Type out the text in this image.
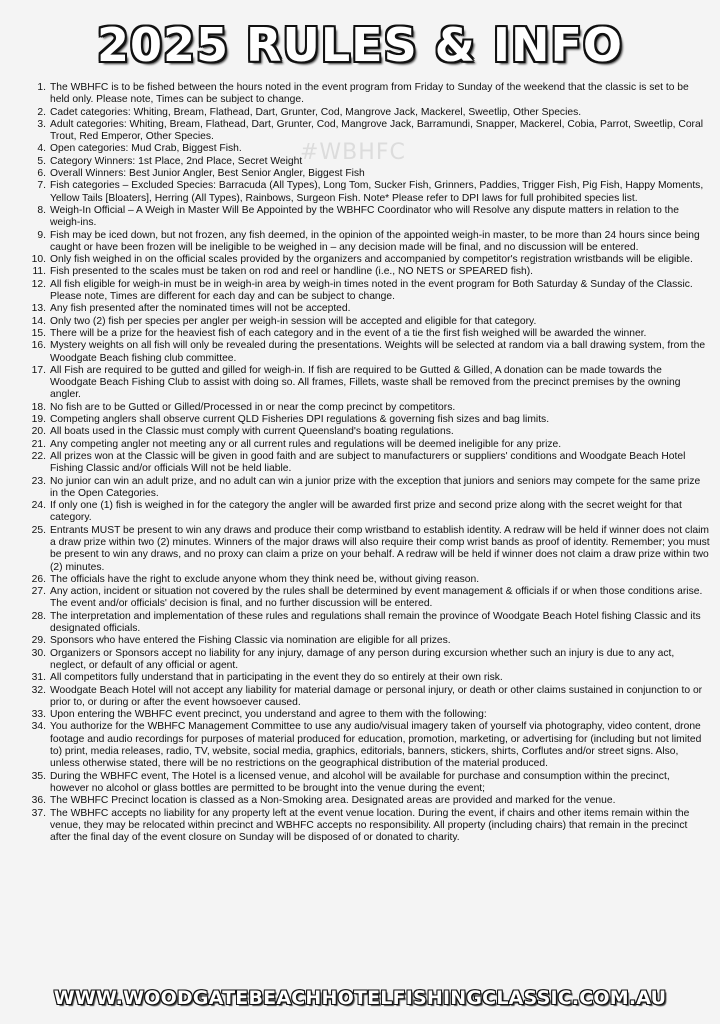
#WBHFC
2025 RULES & INFO
1. The WBHFC is to be fished between the hours noted in the event program from Friday to Sunday of the weekend that the classic is set to be held only. Please note, Times can be subject to change.
2. Cadet categories: Whiting, Bream, Flathead, Dart, Grunter, Cod, Mangrove Jack, Mackerel, Sweetlip, Other Species.
3. Adult categories: Whiting, Bream, Flathead, Dart, Grunter, Cod, Mangrove Jack, Barramundi, Snapper, Mackerel, Cobia, Parrot, Sweetlip, Coral Trout, Red Emperor, Other Species.
4. Open categories: Mud Crab, Biggest Fish.
5. Category Winners: 1st Place, 2nd Place, Secret Weight
6. Overall Winners: Best Junior Angler, Best Senior Angler, Biggest Fish
7. Fish categories – Excluded Species: Barracuda (All Types), Long Tom, Sucker Fish, Grinners, Paddies, Trigger Fish, Pig Fish, Happy Moments, Yellow Tails [Bloaters], Herring (All Types), Rainbows, Surgeon Fish. Note* Please refer to DPI laws for full prohibited species list.
8. Weigh-In Official – A Weigh in Master Will Be Appointed by the WBHFC Coordinator who will Resolve any dispute matters in relation to the weigh-ins.
9. Fish may be iced down, but not frozen, any fish deemed, in the opinion of the appointed weigh-in master, to be more than 24 hours since being caught or have been frozen will be ineligible to be weighed in – any decision made will be final, and no discussion will be entered.
10. Only fish weighed in on the official scales provided by the organizers and accompanied by competitor's registration wristbands will be eligible.
11. Fish presented to the scales must be taken on rod and reel or handline (i.e., NO NETS or SPEARED fish).
12. All fish eligible for weigh-in must be in weigh-in area by weigh-in times noted in the event program for Both Saturday & Sunday of the Classic. Please note, Times are different for each day and can be subject to change.
13. Any fish presented after the nominated times will not be accepted.
14. Only two (2) fish per species per angler per weigh-in session will be accepted and eligible for that category.
15. There will be a prize for the heaviest fish of each category and in the event of a tie the first fish weighed will be awarded the winner.
16. Mystery weights on all fish will only be revealed during the presentations. Weights will be selected at random via a ball drawing system, from the Woodgate Beach fishing club committee.
17. All Fish are required to be gutted and gilled for weigh-in. If fish are required to be Gutted & Gilled, A donation can be made towards the Woodgate Beach Fishing Club to assist with doing so. All frames, Fillets, waste shall be removed from the precinct premises by the owning angler.
18. No fish are to be Gutted or Gilled/Processed in or near the comp precinct by competitors.
19. Competing anglers shall observe current QLD Fisheries DPI regulations & governing fish sizes and bag limits.
20. All boats used in the Classic must comply with current Queensland's boating regulations.
21. Any competing angler not meeting any or all current rules and regulations will be deemed ineligible for any prize.
22. All prizes won at the Classic will be given in good faith and are subject to manufacturers or suppliers' conditions and Woodgate Beach Hotel Fishing Classic and/or officials Will not be held liable.
23. No junior can win an adult prize, and no adult can win a junior prize with the exception that juniors and seniors may compete for the same prize in the Open Categories.
24. If only one (1) fish is weighed in for the category the angler will be awarded first prize and second prize along with the secret weight for that category.
25. Entrants MUST be present to win any draws and produce their comp wristband to establish identity. A redraw will be held if winner does not claim a draw prize within two (2) minutes. Winners of the major draws will also require their comp wrist bands as proof of identity. Remember; you must be present to win any draws, and no proxy can claim a prize on your behalf. A redraw will be held if winner does not claim a draw prize within two (2) minutes.
26. The officials have the right to exclude anyone whom they think need be, without giving reason.
27. Any action, incident or situation not covered by the rules shall be determined by event management & officials if or when those conditions arise. The event and/or officials' decision is final, and no further discussion will be entered.
28. The interpretation and implementation of these rules and regulations shall remain the province of Woodgate Beach Hotel fishing Classic and its designated officials.
29. Sponsors who have entered the Fishing Classic via nomination are eligible for all prizes.
30. Organizers or Sponsors accept no liability for any injury, damage of any person during excursion whether such an injury is due to any act, neglect, or default of any official or agent.
31. All competitors fully understand that in participating in the event they do so entirely at their own risk.
32. Woodgate Beach Hotel will not accept any liability for material damage or personal injury, or death or other claims sustained in conjunction to or prior to, or during or after the event howsoever caused.
33. Upon entering the WBHFC event precinct, you understand and agree to them with the following:
34. You authorize for the WBHFC Management Committee to use any audio/visual imagery taken of yourself via photography, video content, drone footage and audio recordings for purposes of material produced for education, promotion, marketing, or advertising for (including but not limited to) print, media releases, radio, TV, website, social media, graphics, editorials, banners, stickers, shirts, Corflutes and/or street signs. Also, unless otherwise stated, there will be no restrictions on the geographical distribution of the material produced.
35. During the WBHFC event, The Hotel is a licensed venue, and alcohol will be available for purchase and consumption within the precinct, however no alcohol or glass bottles are permitted to be brought into the venue during the event;
36. The WBHFC Precinct location is classed as a Non-Smoking area. Designated areas are provided and marked for the venue.
37. The WBHFC accepts no liability for any property left at the event venue location. During the event, if chairs and other items remain within the venue, they may be relocated within precinct and WBHFC accepts no responsibility. All property (including chairs) that remain in the precinct after the final day of the event closure on Sunday will be disposed of or donated to charity.
WWW.WOODGATEBEACHHOTELFISHINGCLASSIC.COM.AU
